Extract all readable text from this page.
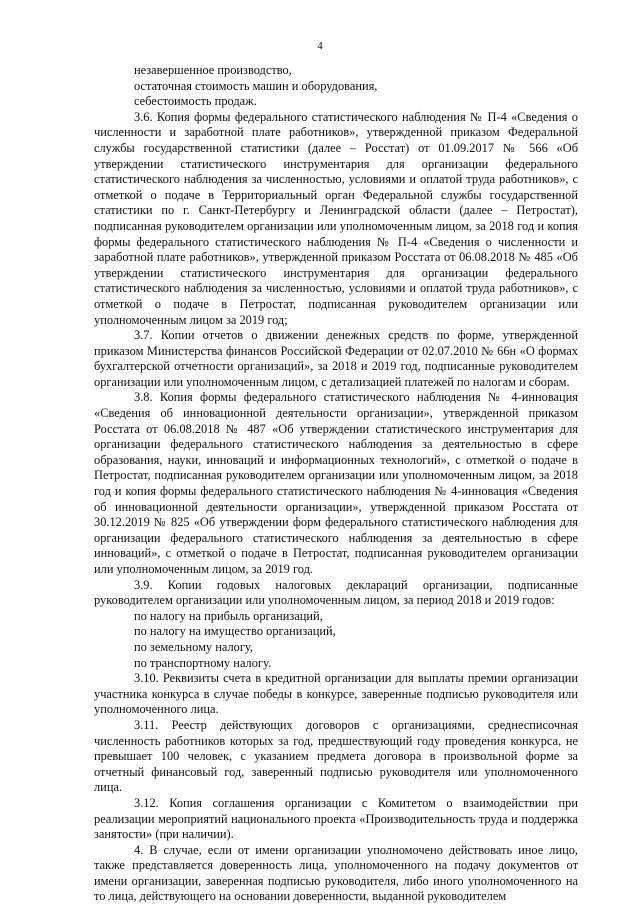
4

незавершенное производство,

остаточная стоимость машин и оборудования,

себестоимость продаж.

3.6. Копия формы федерального статистического наблюдения № П-4 «Сведения о численности и заработной плате работников», утвержденной приказом Федеральной службы государственной статистики (далее – Росстат) от 01.09.2017 № 566 «Об утверждении статистического инструментария для организации федерального статистического наблюдения за численностью, условиями и оплатой труда работников», с отметкой о подаче в Территориальный орган Федеральной службы государственной статистики по г. Санкт-Петербургу и Ленинградской области (далее – Петростат), подписанная руководителем организации или уполномоченным лицом, за 2018 год и копия формы федерального статистического наблюдения № П-4 «Сведения о численности и заработной плате работников», утвержденной приказом Росстата от 06.08.2018 № 485 «Об утверждении статистического инструментария для организации федерального статистического наблюдения за численностью, условиями и оплатой труда работников», с отметкой о подаче в Петростат, подписанная руководителем организации или уполномоченным лицом за 2019 год;

3.7. Копии отчетов о движении денежных средств по форме, утвержденной приказом Министерства финансов Российской Федерации от 02.07.2010 № 66н «О формах бухгалтерской отчетности организаций», за 2018 и 2019 год, подписанные руководителем организации или уполномоченным лицом, с детализацией платежей по налогам и сборам.

3.8. Копия формы федерального статистического наблюдения № 4-инновация «Сведения об инновационной деятельности организации», утвержденной приказом Росстата от 06.08.2018 № 487 «Об утверждении статистического инструментария для организации федерального статистического наблюдения за деятельностью в сфере образования, науки, инноваций и информационных технологий», с отметкой о подаче в Петростат, подписанная руководителем организации или уполномоченным лицом, за 2018 год и копия формы федерального статистического наблюдения № 4-инновация «Сведения об инновационной деятельности организации», утвержденной приказом Росстата от 30.12.2019 № 825 «Об утверждении форм федерального статистического наблюдения для организации федерального статистического наблюдения за деятельностью в сфере инноваций», с отметкой о подаче в Петростат, подписанная руководителем организации или уполномоченным лицом, за 2019 год.

3.9. Копии годовых налоговых деклараций организации, подписанные руководителем организации или уполномоченным лицом, за период 2018 и 2019 годов:

по налогу на прибыль организаций,

по налогу на имущество организаций,

по земельному налогу,

по транспортному налогу.

3.10. Реквизиты счета в кредитной организации для выплаты премии организации участника конкурса в случае победы в конкурсе, заверенные подписью руководителя или уполномоченного лица.

3.11. Реестр действующих договоров с организациями, среднесписочная численность работников которых за год, предшествующий году проведения конкурса, не превышает 100 человек, с указанием предмета договора в произвольной форме за отчетный финансовый год, заверенный подписью руководителя или уполномоченного лица.

3.12. Копия соглашения организации с Комитетом о взаимодействии при реализации мероприятий национального проекта «Производительность труда и поддержка занятости» (при наличии).

4. В случае, если от имени организации уполномочено действовать иное лицо, также представляется доверенность лица, уполномоченного на подачу документов от имени организации, заверенная подписью руководителя, либо иного уполномоченного на то лица, действующего на основании доверенности, выданной руководителем
